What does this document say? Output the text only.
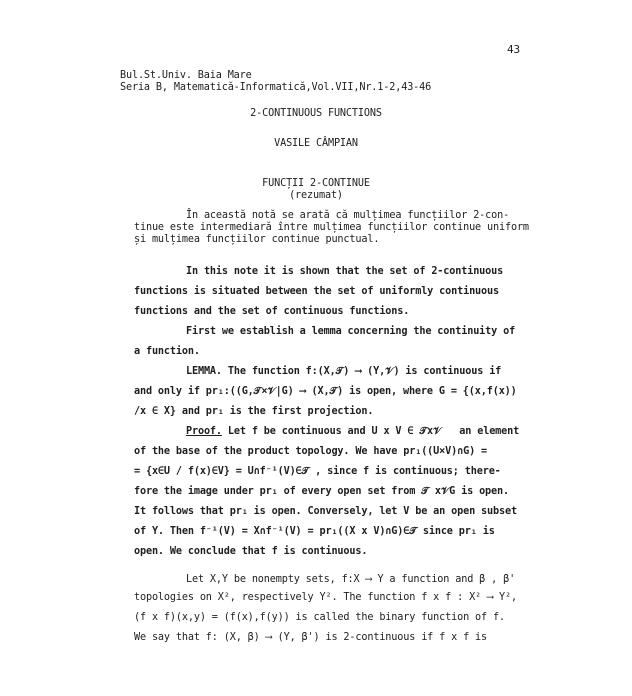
43
Bul.St.Univ. Baia Mare
Seria B, Matematică-Informatică,Vol.VII,Nr.1-2,43-46
2-CONTINUOUS FUNCTIONS
VASILE CÂMPIAN
FUNCȚII 2-CONTINUE
(rezumat)
În această notă se arată că mulțimea funcțiilor 2-con-
tinue este intermediară între mulțimea funcțiilor continue uniform
și mulțimea funcțiilor continue punctual.
In this note it is shown that the set of 2-continuous
functions is situated between the set of uniformly continuous
functions and the set of continuous functions.
First we establish a lemma concerning the continuity of
a function.
LEMMA. The function f:(X,𝒯) ⟶ (Y,𝒱) is continuous if
and only if pr₁:((G,𝒯×𝒱|G) ⟶ (X,𝒯) is open, where G = {(x,f(x))
/x ∈ X} and pr₁ is the first projection.
Proof. Let f be continuous and U x V ∈ 𝒯x𝒱   an element
of the base of the product topology. We have pr₁((U×V)∩G) =
= {x∈U / f(x)∈V} = U∩f⁻¹(V)∈𝒯 , since f is continuous; there-
fore the image under pr₁ of every open set from 𝒯 x𝒱G is open.
It follows that pr₁ is open. Conversely, let V be an open subset
of Y. Then f⁻¹(V) = X∩f⁻¹(V) = pr₁((X x V)∩G)∈𝒯 since pr₁ is
open. We conclude that f is continuous.
Let X,Y be nonempty sets, f:X ⟶ Y a function and β , β'
topologies on X², respectively Y². The function f x f : X² ⟶ Y²,
(f x f)(x,y) = (f(x),f(y)) is called the binary function of f.
We say that f: (X, β) ⟶ (Y, β') is 2-continuous if f x f is
